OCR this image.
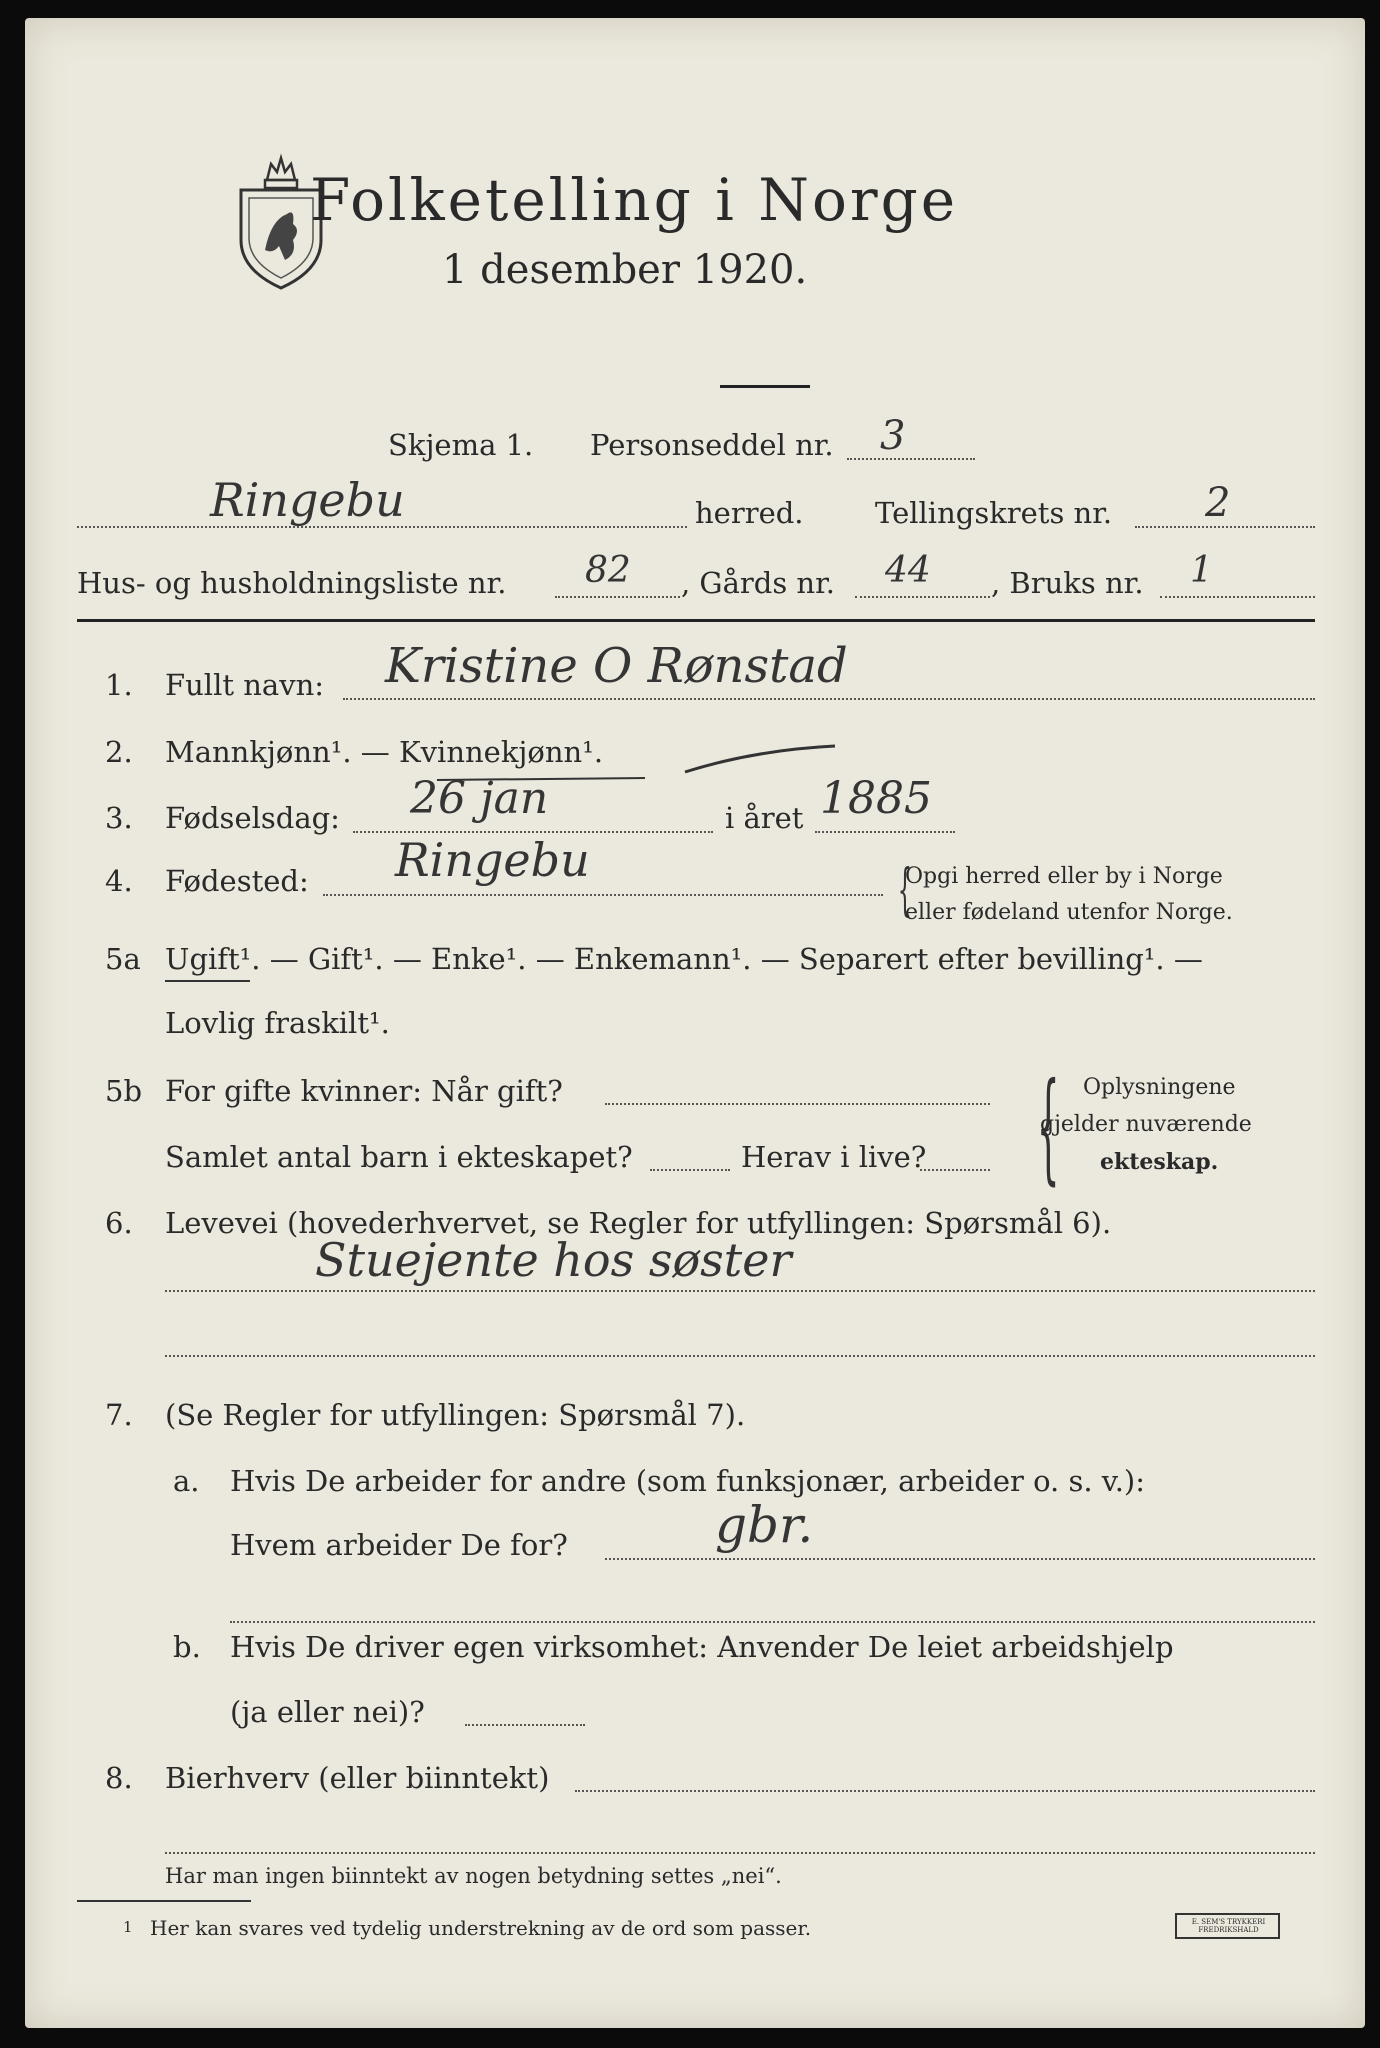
Folketelling i Norge
1 desember 1920.
Skjema 1. Personseddel nr. 3
Ringebu	herred. Tellingskrets nr. 2
Hus- og husholdningsliste nr. 82 , Gårds nr. 44 , Bruks nr. 1
1. Fullt navn: Kristine O Rønstad
2. Mannkjønn¹. — Kvinnekjønn¹.
3. Fødselsdag: 26 jan	i året 1885
4. Fødested: Ringebu	{
Opgi herred eller by i Norge
eller fødeland utenfor Norge.
5a Ugift¹. — Gift¹. — Enke¹. — Enkemann¹. — Separert efter bevilling¹. —
Lovlig fraskilt¹.
5b For gifte kvinner: Når gift?
Samlet antal barn i ekteskapet?	Herav i live? { Oplysningene
gjelder nuværende
ekteskap.
6. Levevei (hovederhvervet, se Regler for utfyllingen: Spørsmål 6).
Stuejente hos søster
7. (Se Regler for utfyllingen: Spørsmål 7).
a. Hvis De arbeider for andre (som funksjonær, arbeider o. s. v.):
Hvem arbeider De for?	gbr.
b. Hvis De driver egen virksomhet: Anvender De leiet arbeidshjelp
(ja eller nei)?
8. Bierhverv (eller biinntekt)
Har man ingen biinntekt av nogen betydning settes „nei“.
1 Her kan svares ved tydelig understrekning av de ord som passer.	E. SEM'S TRYKKERI FREDRIKSHALD
